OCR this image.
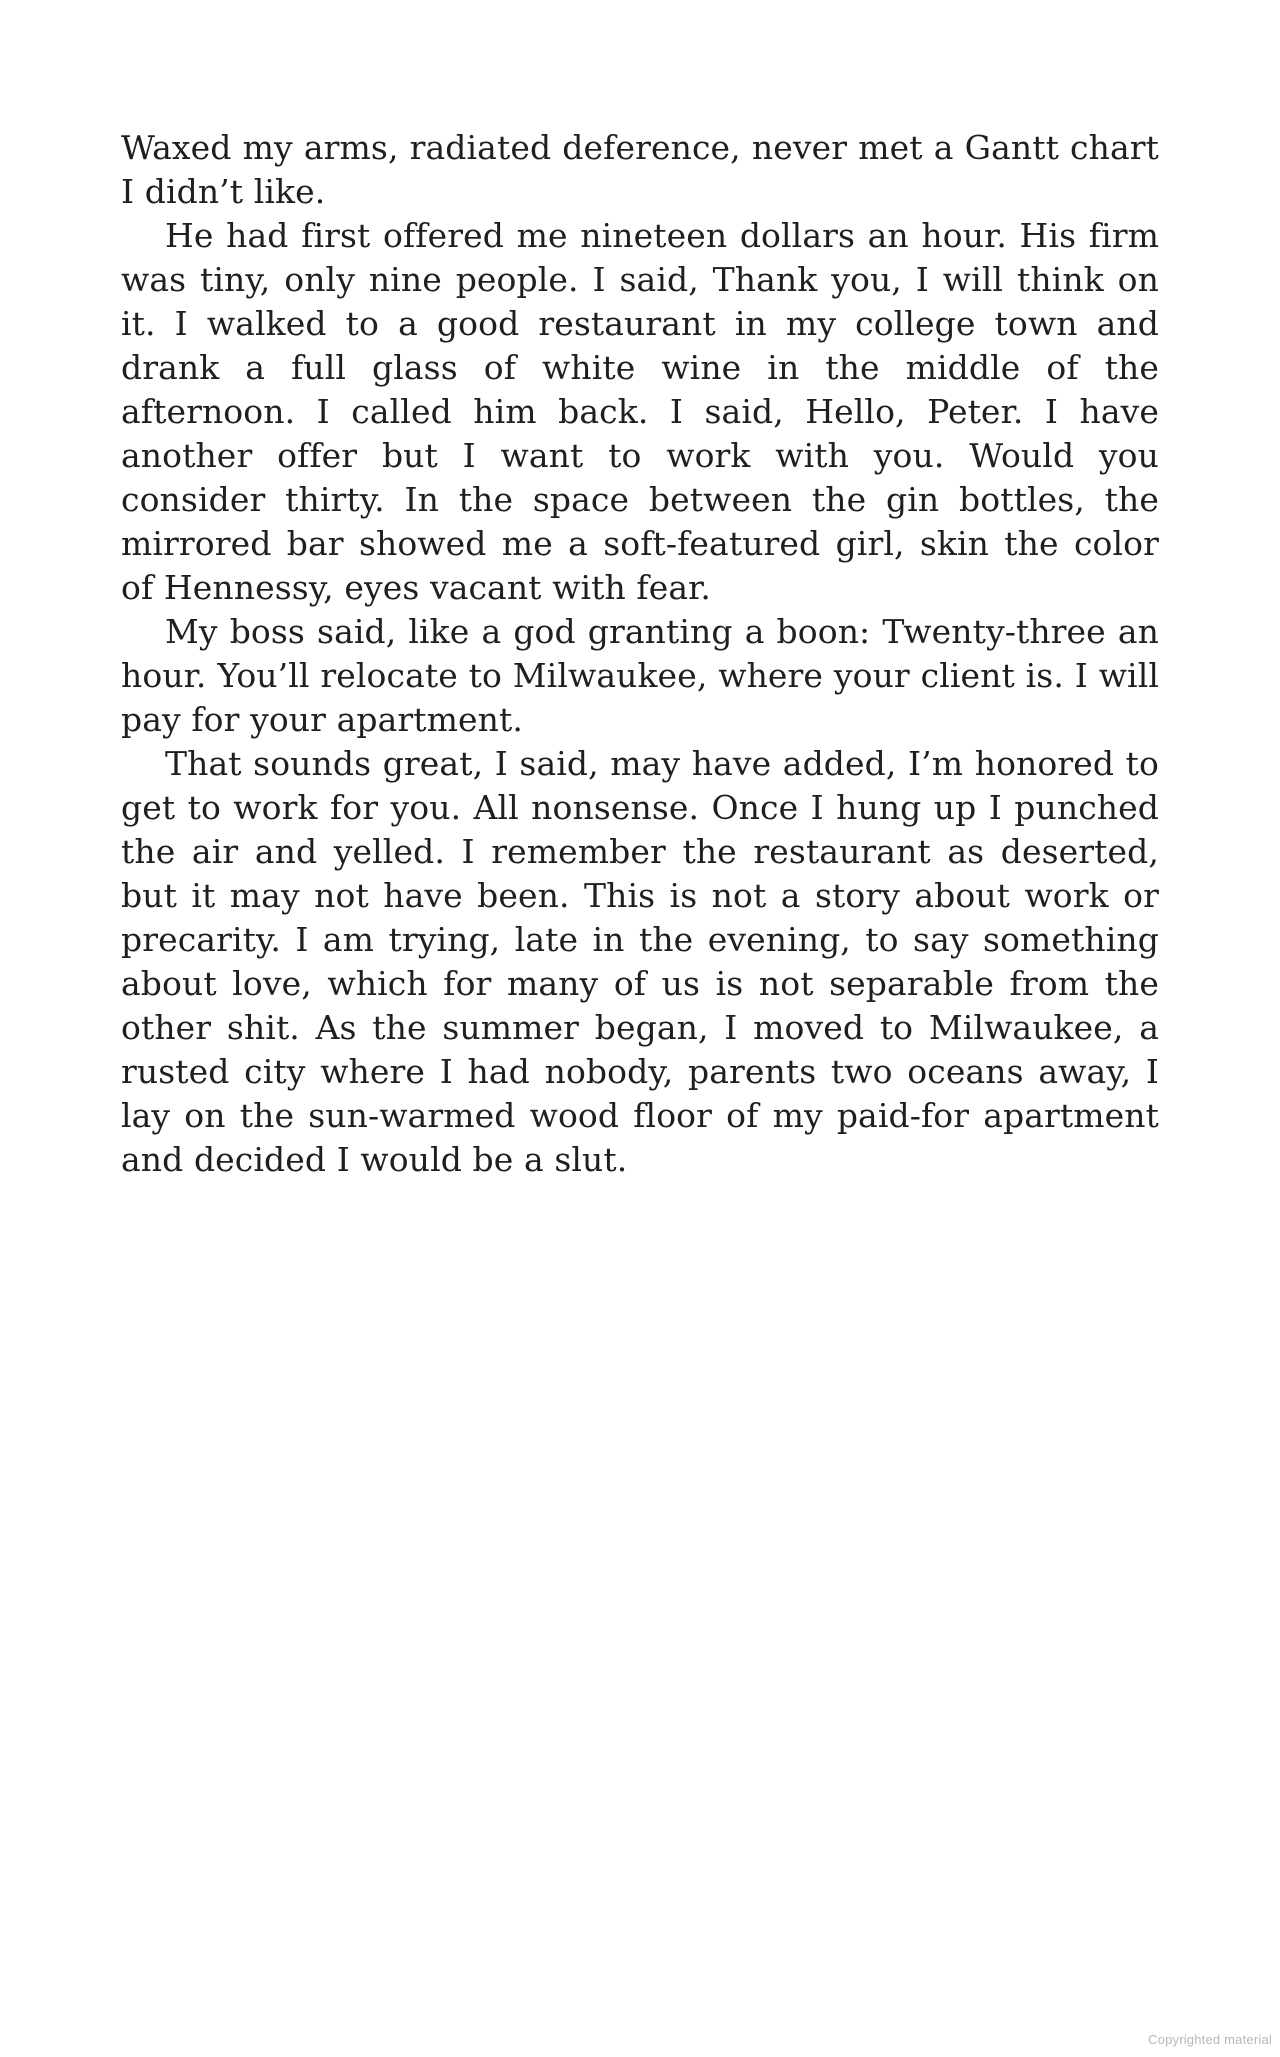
Waxed my arms, radiated deference, never met a Gantt chart I didn’t like.

He had first offered me nineteen dollars an hour. His firm was tiny, only nine people. I said, Thank you, I will think on it. I walked to a good restaurant in my college town and drank a full glass of white wine in the middle of the afternoon. I called him back. I said, Hello, Peter. I have another offer but I want to work with you. Would you consider thirty. In the space between the gin bottles, the mirrored bar showed me a soft-featured girl, skin the color of Hennessy, eyes vacant with fear.

My boss said, like a god granting a boon: Twenty-three an hour. You’ll relocate to Milwaukee, where your client is. I will pay for your apartment.

That sounds great, I said, may have added, I’m honored to get to work for you. All nonsense. Once I hung up I punched the air and yelled. I remember the restaurant as deserted, but it may not have been. This is not a story about work or precarity. I am trying, late in the evening, to say something about love, which for many of us is not separable from the other shit. As the summer began, I moved to Milwaukee, a rusted city where I had nobody, parents two oceans away, I lay on the sun-warmed wood floor of my paid-for apartment and decided I would be a slut.

Copyrighted material
